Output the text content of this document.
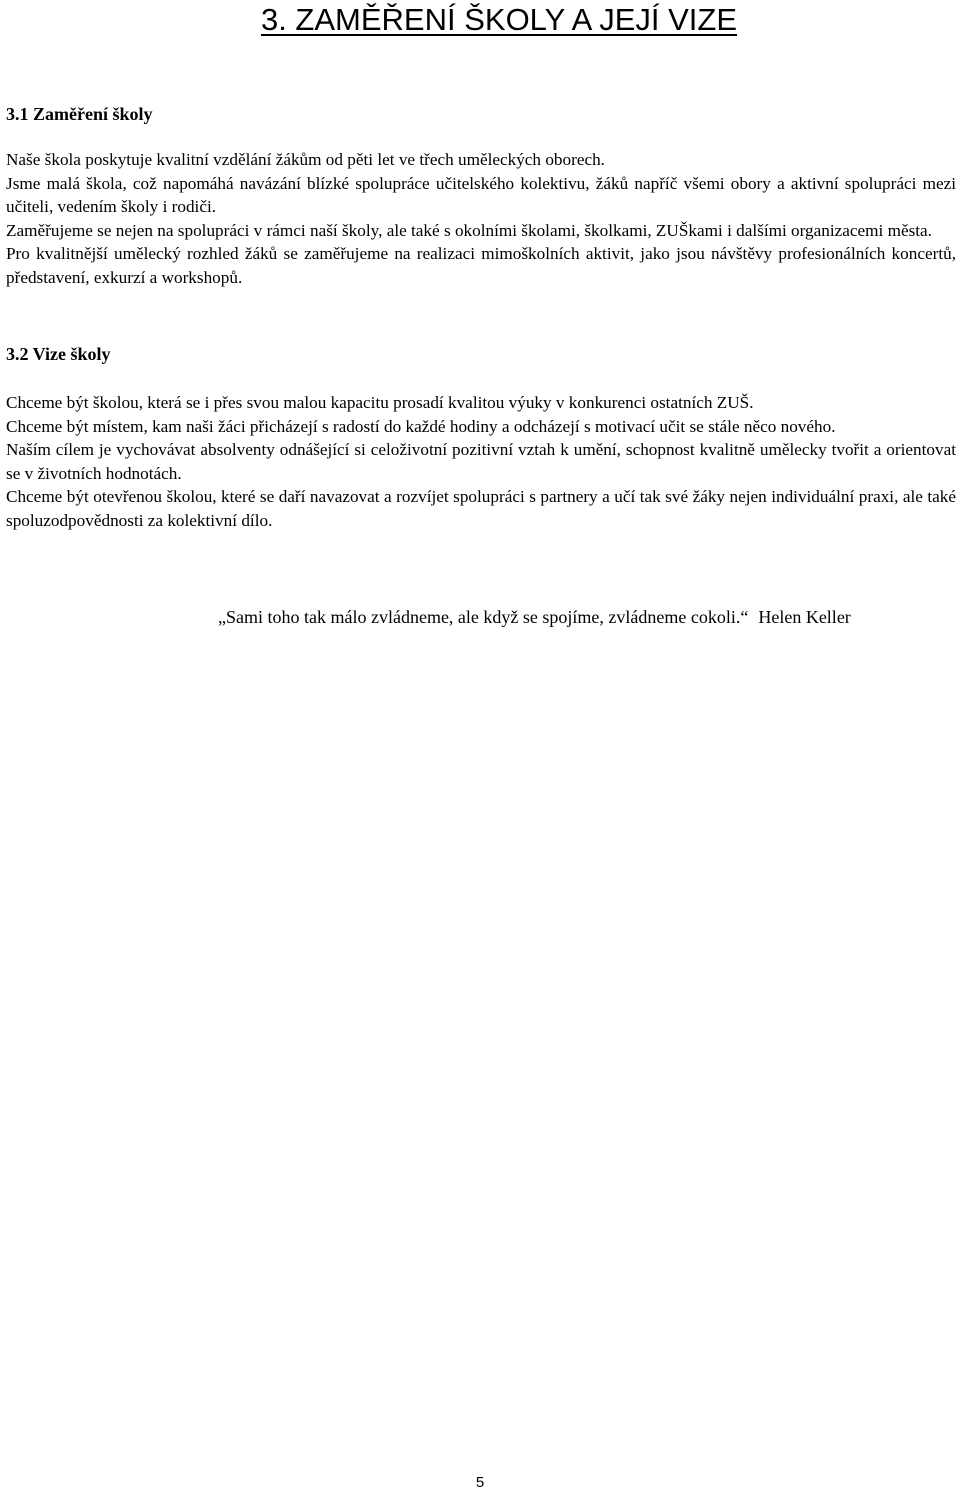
3. ZAMĚŘENÍ ŠKOLY A JEJÍ VIZE
3.1 Zaměření školy

Naše škola poskytuje kvalitní vzdělání žákům od pěti let ve třech uměleckých oborech.

Jsme malá škola, což napomáhá navázání blízké spolupráce učitelského kolektivu, žáků napříč všemi obory a aktivní spolupráci mezi učiteli, vedením školy i rodiči.

Zaměřujeme se nejen na spolupráci v rámci naší školy, ale také s okolními školami, školkami, ZUŠkami i dalšími organizacemi města.

Pro kvalitnější umělecký rozhled žáků se zaměřujeme na realizaci mimoškolních aktivit, jako jsou návštěvy profesionálních koncertů, představení, exkurzí a workshopů.

3.2 Vize školy

Chceme být školou, která se i přes svou malou kapacitu prosadí kvalitou výuky v konkurenci ostatních ZUŠ.

Chceme být místem, kam naši žáci přicházejí s radostí do každé hodiny a odcházejí s motivací učit se stále něco nového.

Naším cílem je vychovávat absolventy odnášející si celoživotní pozitivní vztah k umění, schopnost kvalitně umělecky tvořit a orientovat se v životních hodnotách.

Chceme být otevřenou školou, které se daří navazovat a rozvíjet spolupráci s partnery a učí tak své žáky nejen individuální praxi, ale také spoluzodpovědnosti za kolektivní dílo.

„Sami toho tak málo zvládneme, ale když se spojíme, zvládneme cokoli.“ Helen Keller
5
